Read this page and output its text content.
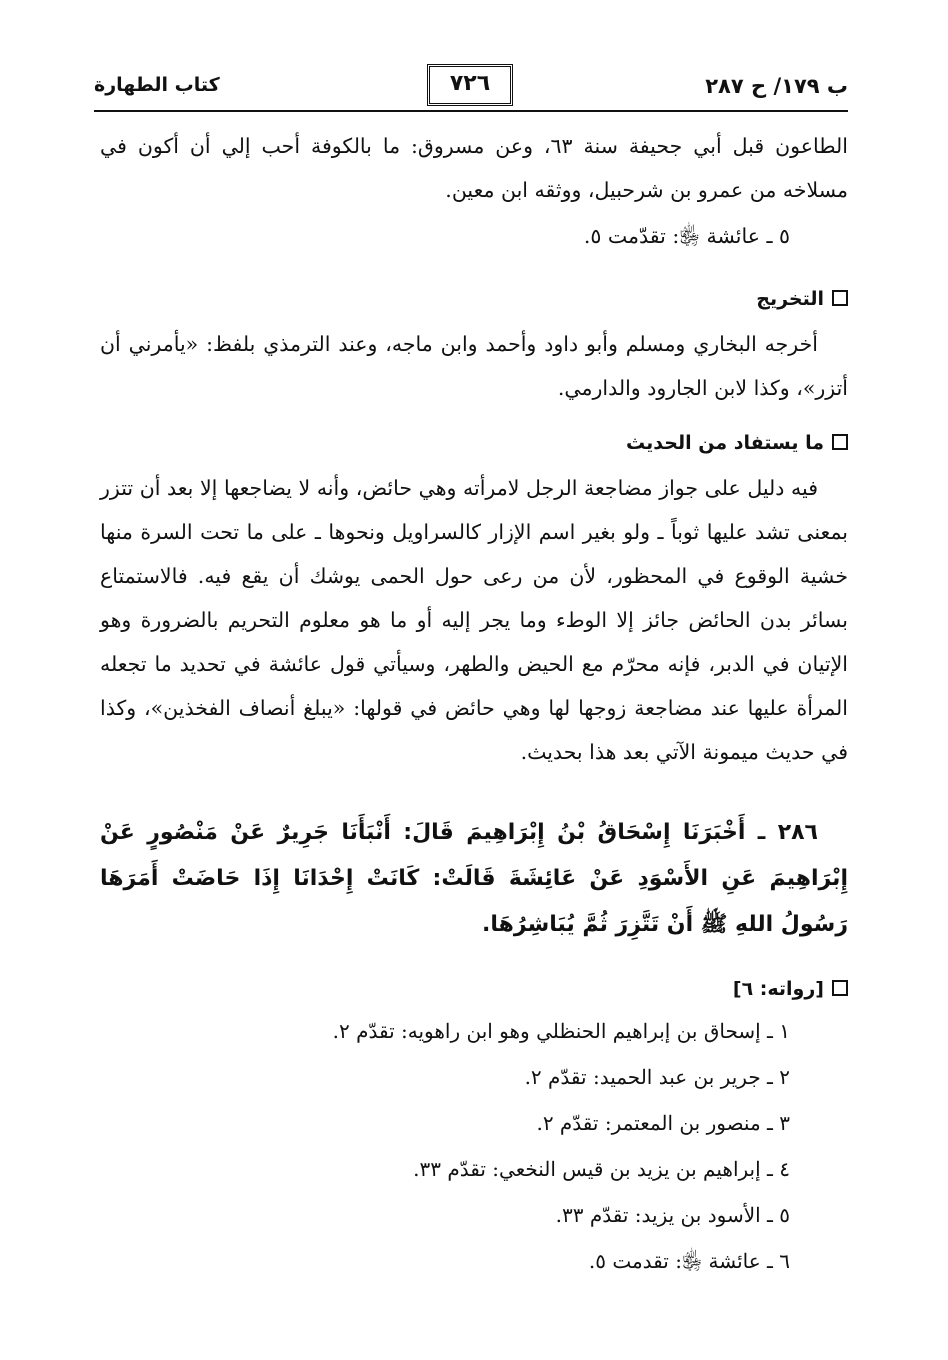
ب ١٧٩/ ح ٢٨٧
٧٢٦
كتاب الطهارة

الطاعون قبل أبي جحيفة سنة ٦٣، وعن مسروق: ما بالكوفة أحب إلي أن أكون في مسلاخه من عمرو بن شرحبيل، ووثقه ابن معين.

٥ ـ عائشة ﵂: تقدّمت ٥.

التخريج

أخرجه البخاري ومسلم وأبو داود وأحمد وابن ماجه، وعند الترمذي بلفظ: «يأمرني أن أتزر»، وكذا لابن الجارود والدارمي.

ما يستفاد من الحديث

فيه دليل على جواز مضاجعة الرجل لامرأته وهي حائض، وأنه لا يضاجعها إلا بعد أن تتزر بمعنى تشد عليها ثوباً ـ ولو بغير اسم الإزار كالسراويل ونحوها ـ على ما تحت السرة منها خشية الوقوع في المحظور، لأن من رعى حول الحمى يوشك أن يقع فيه. فالاستمتاع بسائر بدن الحائض جائز إلا الوطء وما يجر إليه أو ما هو معلوم التحريم بالضرورة وهو الإتيان في الدبر، فإنه محرّم مع الحيض والطهر، وسيأتي قول عائشة في تحديد ما تجعله المرأة عليها عند مضاجعة زوجها لها وهي حائض في قولها: «يبلغ أنصاف الفخذين»، وكذا في حديث ميمونة الآتي بعد هذا بحديث.

٢٨٦ ـ أَخْبَرَنَا إِسْحَاقُ بْنُ إِبْرَاهِيمَ قَالَ: أَنْبَأَنَا جَرِيرٌ عَنْ مَنْصُورٍ عَنْ إِبْرَاهِيمَ عَنِ الأَسْوَدِ عَنْ عَائِشَةَ قَالَتْ: كَانَتْ إِحْدَانَا إِذَا حَاضَتْ أَمَرَهَا رَسُولُ اللهِ ﷺ أَنْ تَتَّزِرَ ثُمَّ يُبَاشِرُهَا.

[رواته: ٦]
١ ـ إسحاق بن إبراهيم الحنظلي وهو ابن راهويه: تقدّم ٢.
٢ ـ جرير بن عبد الحميد: تقدّم ٢.
٣ ـ منصور بن المعتمر: تقدّم ٢.
٤ ـ إبراهيم بن يزيد بن قيس النخعي: تقدّم ٣٣.
٥ ـ الأسود بن يزيد: تقدّم ٣٣.
٦ ـ عائشة ﵂: تقدمت ٥.
